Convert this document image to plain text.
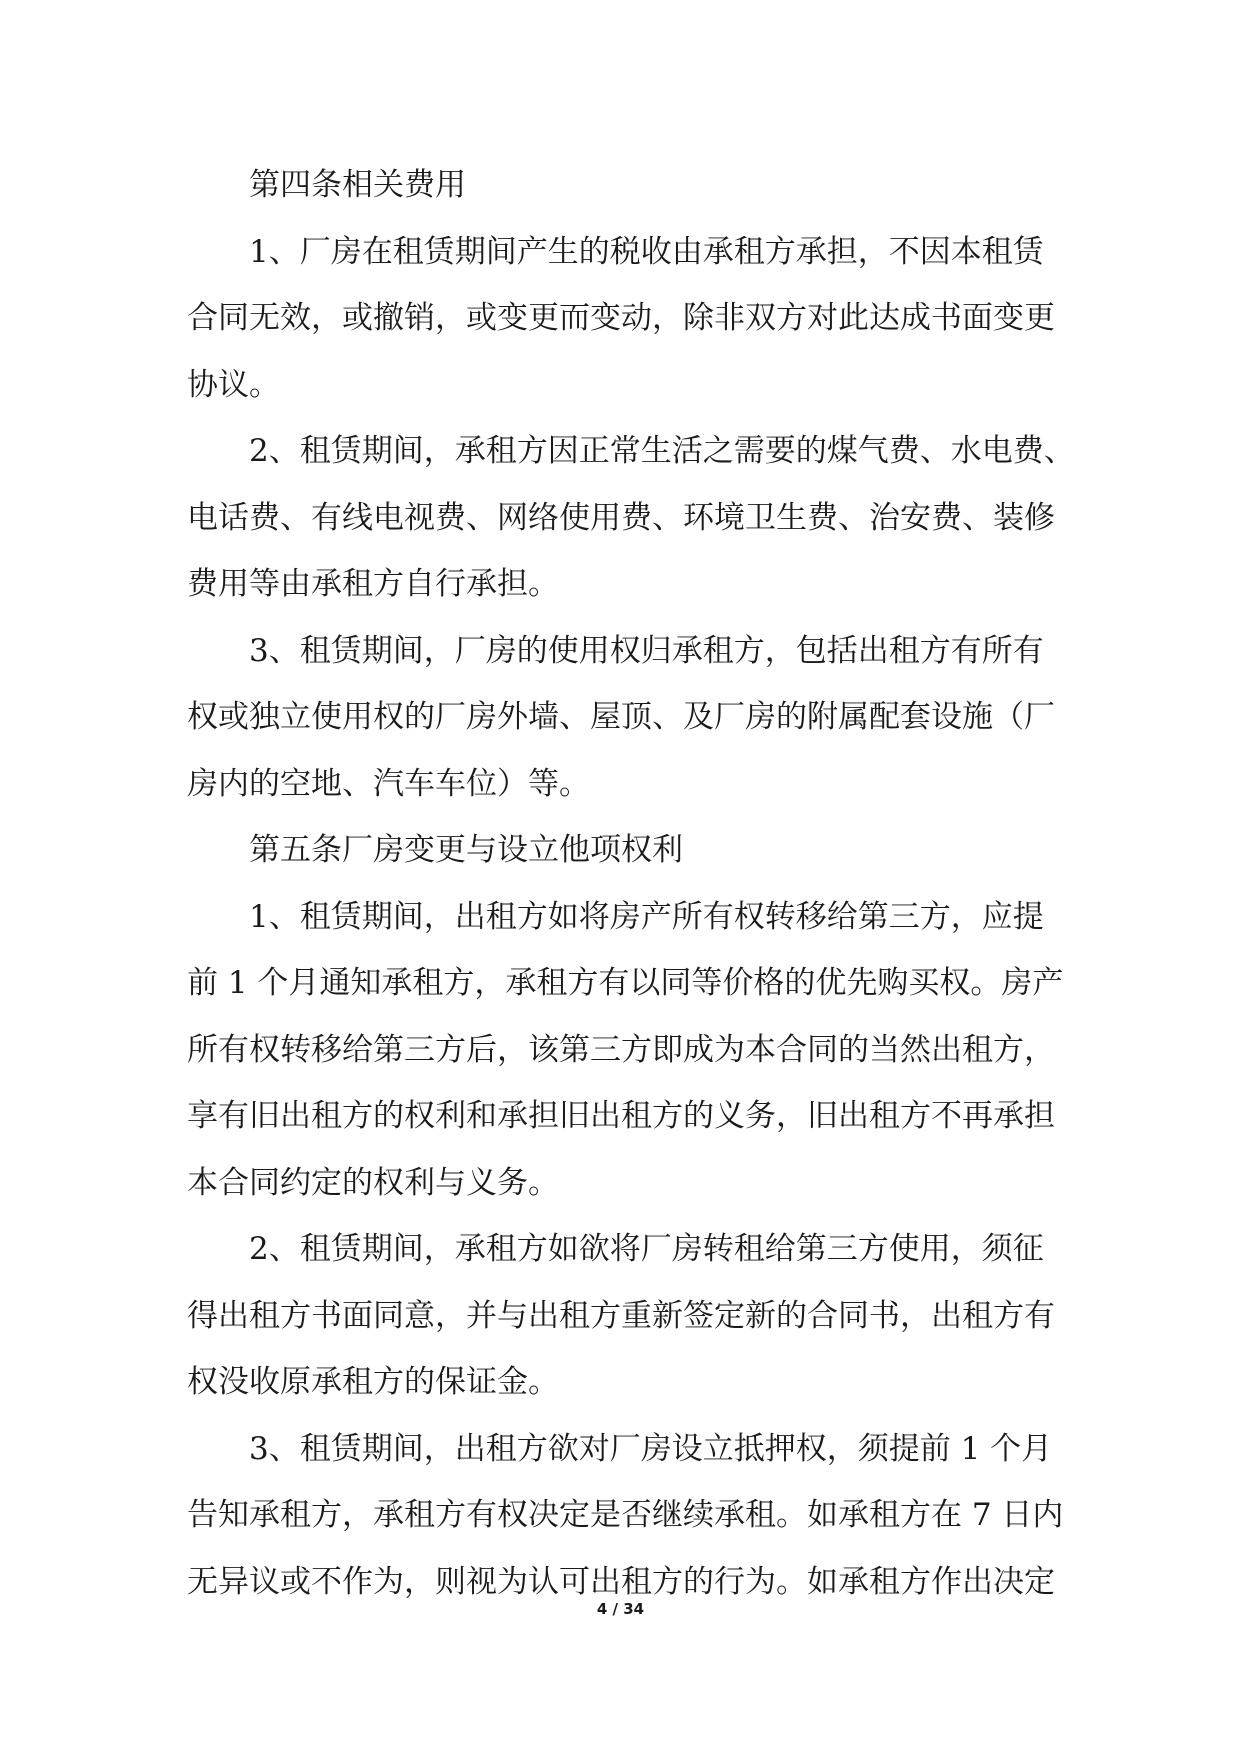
第四条相关费用
1、厂房在租赁期间产生的税收由承租方承担，不因本租赁
合同无效，或撤销，或变更而变动，除非双方对此达成书面变更
协议。
2、租赁期间，承租方因正常生活之需要的煤气费、水电费、
电话费、有线电视费、网络使用费、环境卫生费、治安费、装修
费用等由承租方自行承担。
3、租赁期间，厂房的使用权归承租方，包括出租方有所有
权或独立使用权的厂房外墙、屋顶、及厂房的附属配套设施（厂
房内的空地、汽车车位）等。
第五条厂房变更与设立他项权利
1、租赁期间，出租方如将房产所有权转移给第三方，应提
前 1 个月通知承租方，承租方有以同等价格的优先购买权。房产
所有权转移给第三方后，该第三方即成为本合同的当然出租方，
享有旧出租方的权利和承担旧出租方的义务，旧出租方不再承担
本合同约定的权利与义务。
2、租赁期间，承租方如欲将厂房转租给第三方使用，须征
得出租方书面同意，并与出租方重新签定新的合同书，出租方有
权没收原承租方的保证金。
3、租赁期间，出租方欲对厂房设立抵押权，须提前 1 个月
告知承租方，承租方有权决定是否继续承租。如承租方在 7 日内
无异议或不作为，则视为认可出租方的行为。如承租方作出决定
4 / 34
